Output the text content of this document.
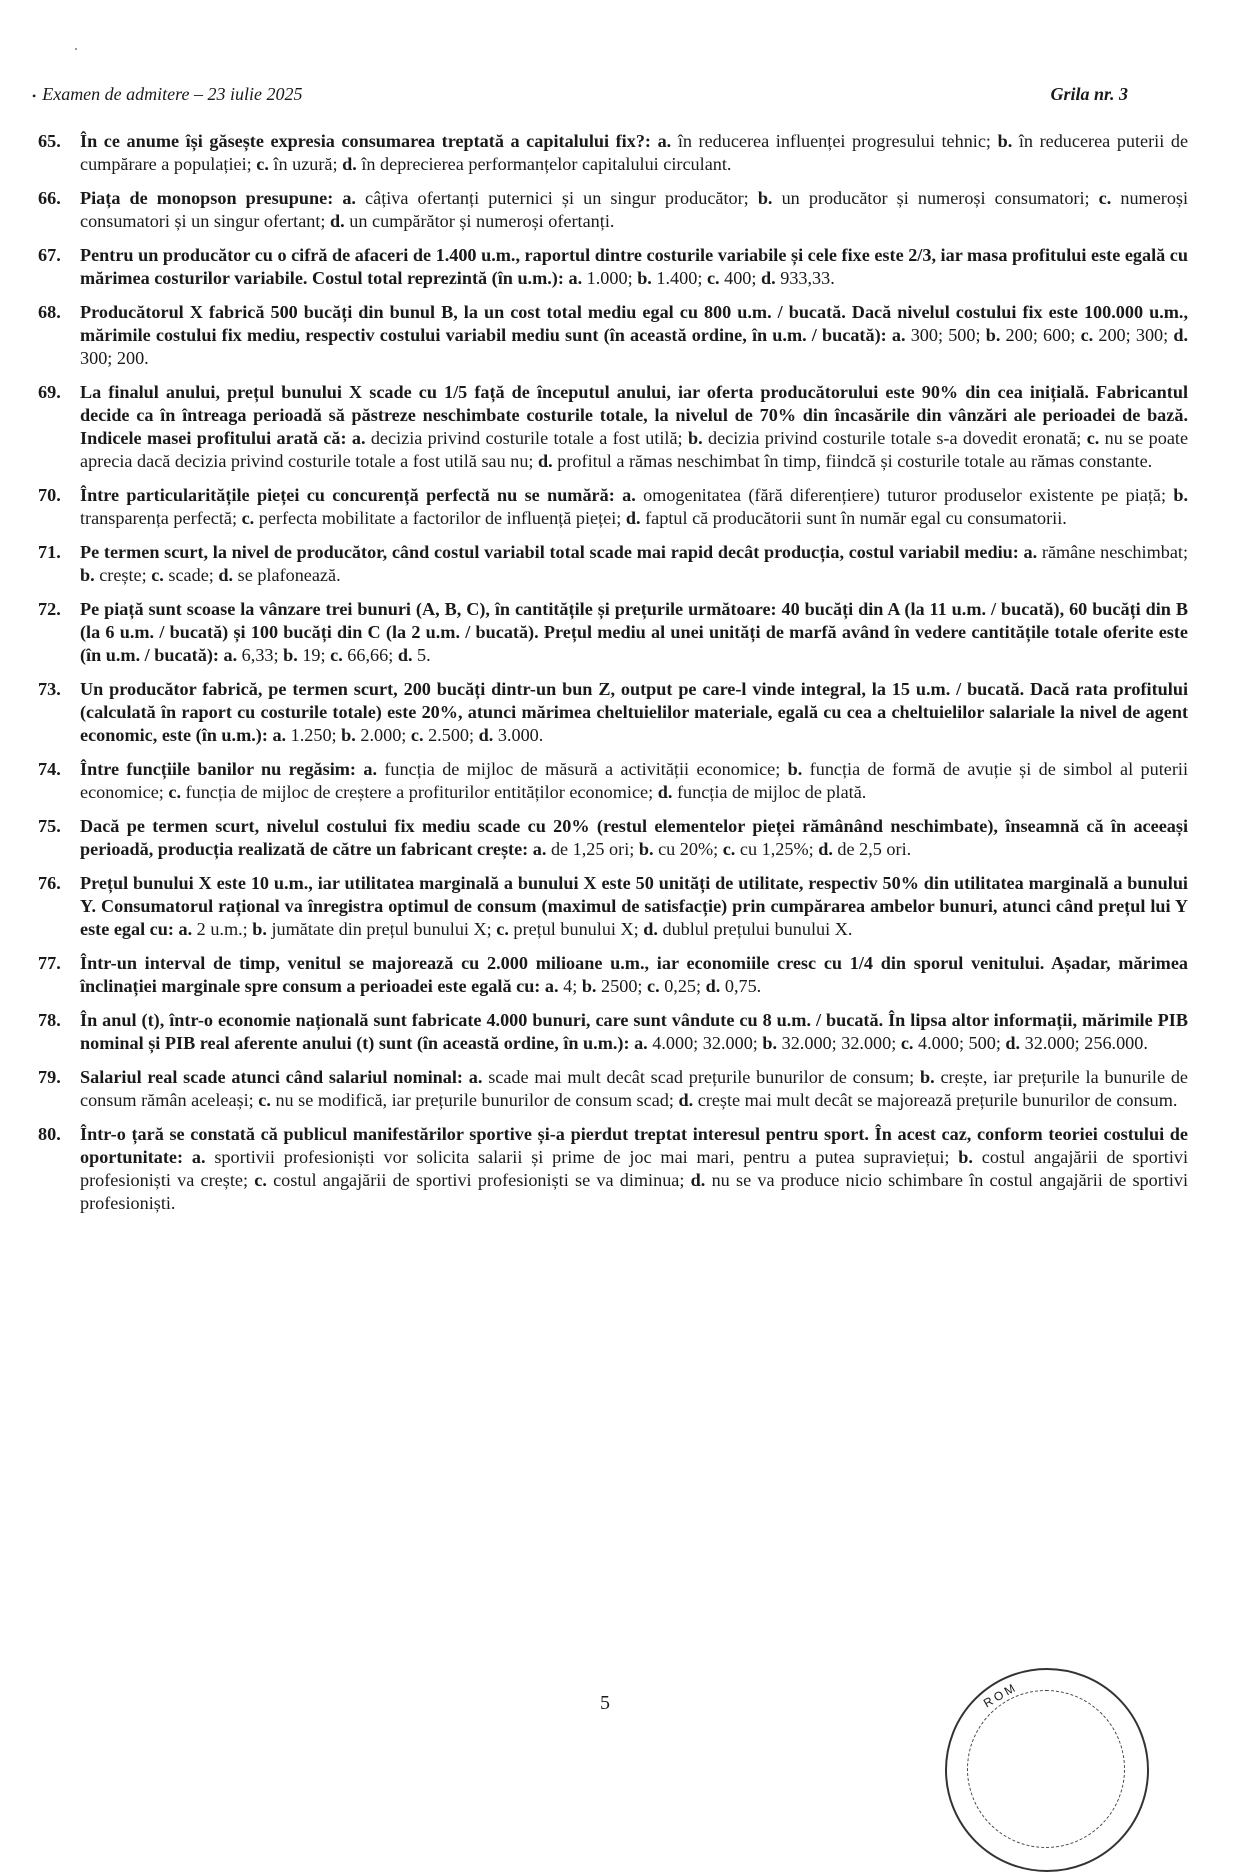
• Examen de admitere – 23 iulie 2025	Grila nr. 3
65. În ce anume își găsește expresia consumarea treptată a capitalului fix?: a. în reducerea influenței progresului tehnic; b. în reducerea puterii de cumpărare a populației; c. în uzură; d. în deprecierea performanțelor capitalului circulant.
66. Piața de monopson presupune: a. câțiva ofertanți puternici și un singur producător; b. un producător și numeroși consumatori; c. numeroși consumatori și un singur ofertant; d. un cumpărător și numeroși ofertanți.
67. Pentru un producător cu o cifră de afaceri de 1.400 u.m., raportul dintre costurile variabile și cele fixe este 2/3, iar masa profitului este egală cu mărimea costurilor variabile. Costul total reprezintă (în u.m.): a. 1.000; b. 1.400; c. 400; d. 933,33.
68. Producătorul X fabrică 500 bucăți din bunul B, la un cost total mediu egal cu 800 u.m. / bucată. Dacă nivelul costului fix este 100.000 u.m., mărimile costului fix mediu, respectiv costului variabil mediu sunt (în această ordine, în u.m. / bucată): a. 300; 500; b. 200; 600; c. 200; 300; d. 300; 200.
69. La finalul anului, prețul bunului X scade cu 1/5 față de începutul anului, iar oferta producătorului este 90% din cea inițială. Fabricantul decide ca în întreaga perioadă să păstreze neschimbate costurile totale, la nivelul de 70% din încasările din vânzări ale perioadei de bază. Indicele masei profitului arată că: a. decizia privind costurile totale a fost utilă; b. decizia privind costurile totale s-a dovedit eronată; c. nu se poate aprecia dacă decizia privind costurile totale a fost utilă sau nu; d. profitul a rămas neschimbat în timp, fiindcă și costurile totale au rămas constante.
70. Între particularitățile pieței cu concurență perfectă nu se numără: a. omogenitatea (fără diferențiere) tuturor produselor existente pe piață; b. transparența perfectă; c. perfecta mobilitate a factorilor de influență pieței; d. faptul că producătorii sunt în număr egal cu consumatorii.
71. Pe termen scurt, la nivel de producător, când costul variabil total scade mai rapid decât producția, costul variabil mediu: a. rămâne neschimbat; b. crește; c. scade; d. se plafonează.
72. Pe piață sunt scoase la vânzare trei bunuri (A, B, C), în cantitățile și prețurile următoare: 40 bucăți din A (la 11 u.m. / bucată), 60 bucăți din B (la 6 u.m. / bucată) și 100 bucăți din C (la 2 u.m. / bucată). Prețul mediu al unei unități de marfă având în vedere cantitățile totale oferite este (în u.m. / bucată): a. 6,33; b. 19; c. 66,66; d. 5.
73. Un producător fabrică, pe termen scurt, 200 bucăți dintr-un bun Z, output pe care-l vinde integral, la 15 u.m. / bucată. Dacă rata profitului (calculată în raport cu costurile totale) este 20%, atunci mărimea cheltuielilor materiale, egală cu cea a cheltuielilor salariale la nivel de agent economic, este (în u.m.): a. 1.250; b. 2.000; c. 2.500; d. 3.000.
74. Între funcțiile banilor nu regăsim: a. funcția de mijloc de măsură a activității economice; b. funcția de formă de avuție și de simbol al puterii economice; c. funcția de mijloc de creștere a profiturilor entităților economice; d. funcția de mijloc de plată.
75. Dacă pe termen scurt, nivelul costului fix mediu scade cu 20% (restul elementelor pieței rămânând neschimbate), înseamnă că în aceeași perioadă, producția realizată de către un fabricant crește: a. de 1,25 ori; b. cu 20%; c. cu 1,25%; d. de 2,5 ori.
76. Prețul bunului X este 10 u.m., iar utilitatea marginală a bunului X este 50 unități de utilitate, respectiv 50% din utilitatea marginală a bunului Y. Consumatorul rațional va înregistra optimul de consum (maximul de satisfacție) prin cumpărarea ambelor bunuri, atunci când prețul lui Y este egal cu: a. 2 u.m.; b. jumătate din prețul bunului X; c. prețul bunului X; d. dublul prețului bunului X.
77. Într-un interval de timp, venitul se majorează cu 2.000 milioane u.m., iar economiile cresc cu 1/4 din sporul venitului. Așadar, mărimea înclinației marginale spre consum a perioadei este egală cu: a. 4; b. 2500; c. 0,25; d. 0,75.
78. În anul (t), într-o economie națională sunt fabricate 4.000 bunuri, care sunt vândute cu 8 u.m. / bucată. În lipsa altor informații, mărimile PIB nominal și PIB real aferente anului (t) sunt (în această ordine, în u.m.): a. 4.000; 32.000; b. 32.000; 32.000; c. 4.000; 500; d. 32.000; 256.000.
79. Salariul real scade atunci când salariul nominal: a. scade mai mult decât scad prețurile bunurilor de consum; b. crește, iar prețurile la bunurile de consum rămân aceleași; c. nu se modifică, iar prețurile bunurilor de consum scad; d. crește mai mult decât se majorează prețurile bunurilor de consum.
80. Într-o țară se constată că publicul manifestărilor sportive și-a pierdut treptat interesul pentru sport. În acest caz, conform teoriei costului de oportunitate: a. sportivii profesioniști vor solicita salarii și prime de joc mai mari, pentru a putea supraviețui; b. costul angajării de sportivi profesioniști va crește; c. costul angajării de sportivi profesioniști se va diminua; d. nu se va produce nicio schimbare în costul angajării de sportivi profesioniști.
5	ROM
